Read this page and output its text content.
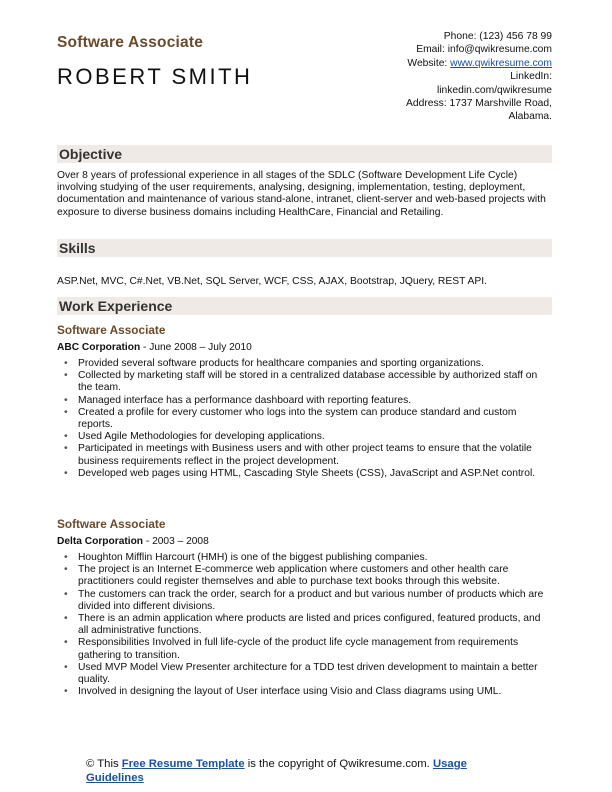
Software Associate
ROBERT SMITH
Phone: (123) 456 78 99
Email: info@qwikresume.com
Website: www.qwikresume.com
LinkedIn:
linkedin.com/qwikresume
Address: 1737 Marshville Road,
Alabama.
Objective
Over 8 years of professional experience in all stages of the SDLC (Software Development Life Cycle) involving studying of the user requirements, analysing, designing, implementation, testing, deployment, documentation and maintenance of various stand-alone, intranet, client-server and web-based projects with exposure to diverse business domains including HealthCare, Financial and Retailing.
Skills
ASP.Net, MVC, C#.Net, VB.Net, SQL Server, WCF, CSS, AJAX, Bootstrap, JQuery, REST API.
Work Experience
Software Associate
ABC Corporation - June 2008 – July 2010
• Provided several software products for healthcare companies and sporting organizations.
• Collected by marketing staff will be stored in a centralized database accessible by authorized staff on the team.
• Managed interface has a performance dashboard with reporting features.
• Created a profile for every customer who logs into the system can produce standard and custom reports.
• Used Agile Methodologies for developing applications.
• Participated in meetings with Business users and with other project teams to ensure that the volatile business requirements reflect in the project development.
• Developed web pages using HTML, Cascading Style Sheets (CSS), JavaScript and ASP.Net control.
Software Associate
Delta Corporation - 2003 – 2008
• Houghton Mifflin Harcourt (HMH) is one of the biggest publishing companies.
• The project is an Internet E-commerce web application where customers and other health care practitioners could register themselves and able to purchase text books through this website.
• The customers can track the order, search for a product and but various number of products which are divided into different divisions.
• There is an admin application where products are listed and prices configured, featured products, and all administrative functions.
• Responsibilities Involved in full life-cycle of the product life cycle management from requirements gathering to transition.
• Used MVP Model View Presenter architecture for a TDD test driven development to maintain a better quality.
• Involved in designing the layout of User interface using Visio and Class diagrams using UML.
© This Free Resume Template is the copyright of Qwikresume.com. Usage Guidelines
